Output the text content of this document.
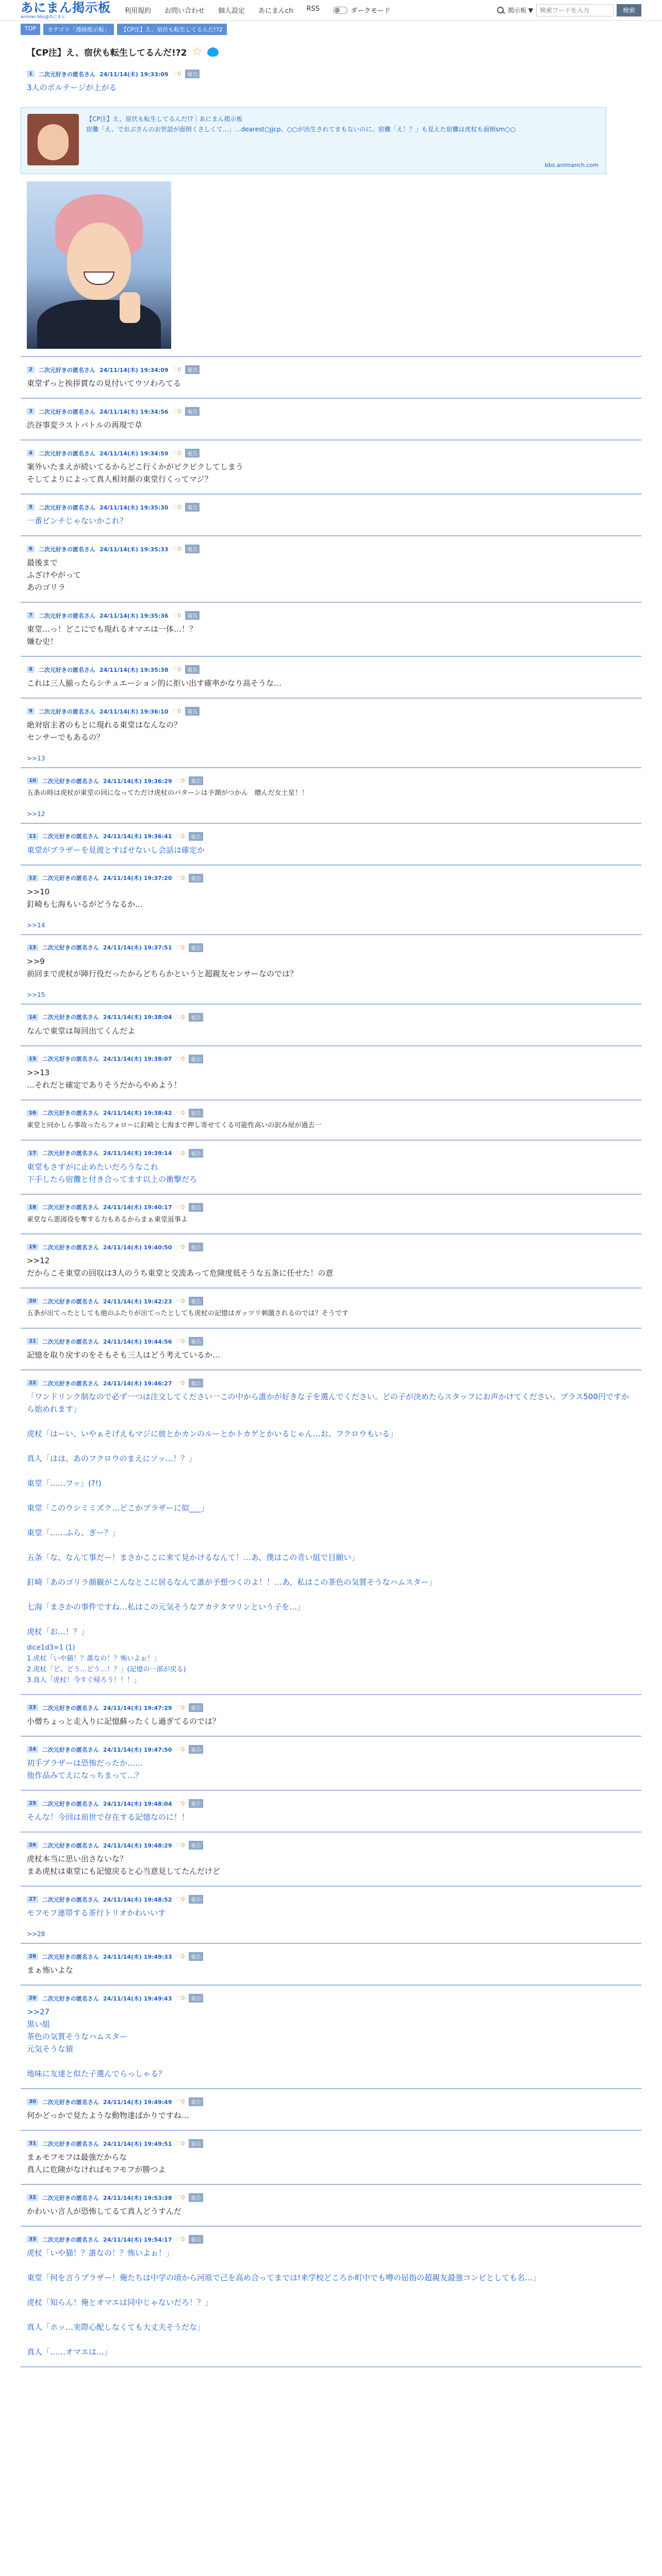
あにまん掲示板
animan bbs@あにまん
利用規約 お問い合わせ 個人設定 あにまんch RSS	ダークモード	掲示板 ▼
検索ワードを入力	検索
TOP	カテゴリ「漫画掲示板」	【CP注】え、宿伏も転生してるんだ!?2
【CP注】え、宿伏も転生してるんだ!?2 ☆
1	二次元好きの匿名さん 24/11/14(木) 19:33:09 ♡0	報告
3人のボルテージが上がる
【CP注】え、宿伏も転生してるんだ!?｜あにまん掲示板
宿儺「え、でおぶさんのお世話が面倒くさしくて…」…dearest○jjcp、○○が出生されてまもないのに、宿儺「え！？」も見えた宿儺は虎杖も面倒sm○○
bbs.animanch.com
2	二次元好きの匿名さん 24/11/14(木) 19:34:09 ♡0	報告
東堂ずっと挨拶貫なの見付いてウソわろてる
3	二次元好きの匿名さん 24/11/14(木) 19:34:56 ♡0	報告
渋谷事変ラストバトルの再現で草
4	二次元好きの匿名さん 24/11/14(木) 19:34:59 ♡0	報告
案外いたまえが続いてるからどこ行くかがピクピクしてしまう
そしてよりによって真人相対顔の東堂行くってマジ？
5	二次元好きの匿名さん 24/11/14(木) 19:35:30 ♡0	報告
一番ピンチじゃないかこれ？
6	二次元好きの匿名さん 24/11/14(木) 19:35:33 ♡0	報告
最後まで
ふざけやがって
あのゴリラ
7	二次元好きの匿名さん 24/11/14(木) 19:35:36 ♡0	報告
東堂…っ！どこにでも現れるオマエは一体…！？
嫌む史！
8	二次元好きの匿名さん 24/11/14(木) 19:35:38 ♡0	報告
これは三人揃ったらシチュエーション的に拒い出す確率かなり高そうな…
9	二次元好きの匿名さん 24/11/14(木) 19:36:10 ♡0	報告
絶対宿主者のもとに現れる東堂はなんなの？
センサーでもあるの？
>>13
10	二次元好きの匿名さん 24/11/14(木) 19:36:29 ♡0	報告
五条の時は虎杖が東堂の回になってただけ虎杖のパターンは予測がつかん　贈んだ女土星！！
>>12
11	二次元好きの匿名さん 24/11/14(木) 19:36:41 ♡0	報告
東堂がブラザーを見渡とすばせないし会話は確定か
12	二次元好きの匿名さん 24/11/14(木) 19:37:20 ♡0	報告
>>10
釘崎も七海もいるがどうなるか…
>>14
13	二次元好きの匿名さん 24/11/14(木) 19:37:51 ♡0	報告
>>9
前回まで虎杖が陣行役だったからどちらかというと超親友センサーなのでは？
>>15
14	二次元好きの匿名さん 24/11/14(木) 19:38:04 ♡0	報告
なんで東堂は毎回出てくんだよ
15	二次元好きの匿名さん 24/11/14(木) 19:38:07 ♡0	報告
>>13
…それだと確定でありそうだからやめよう！
16	二次元好きの匿名さん 24/11/14(木) 19:38:42 ♡0	報告
東堂と同かしら事故ったらフォローに釘崎と七海まで押し寄せてくる可能性高いの訳み屋が過去一
17	二次元好きの匿名さん 24/11/14(木) 19:39:14 ♡0	報告
東堂もさすがに止めたいだろうなこれ
下手したら宿儺と付き合ってます以上の衝撃だろ
18	二次元好きの匿名さん 24/11/14(木) 19:40:17 ♡0	報告
東堂なら悪図役を奪する力もあるからまぁ東堂返事よ
19	二次元好きの匿名さん 24/11/14(木) 19:40:50 ♡0	報告
>>12
だからこそ東堂の回収は3人のうち東堂と交流あって危険度低そうな五条に任せた！の意
20	二次元好きの匿名さん 24/11/14(木) 19:42:23 ♡0	報告
五条が出てったとしても他のふたりが出てったとしても虎杖の記憶はガッツリ刺激されるのでは？そうです
21	二次元好きの匿名さん 24/11/14(木) 19:44:56 ♡0	報告
記憶を取り戻すのをそもそも三人はどう考えているか…
22	二次元好きの匿名さん 24/11/14(木) 19:46:27 ♡0	報告
「ワンドリンク制なので必ず一つは注文してください一この中から誰かが好きな子を選んでください。どの子が決めたらスタッフにお声かけてください。プラス500円ですから始めれます」

虎杖「はーい、いやぁそげえもマジに彼とかカンのルーとかトカゲとかいるじゃん…お、フクロウもいる」

真人「はは、あのフクロウのまえにソッ…！？」

東堂「……フッ」(?!)

東堂「このウシミミズク…どこかブラザーに似___」

東堂「……ふら、ぎー？」

五条「な、なんて事だー！まさかここに来て見かけるなんて！…あ、僕はこの青い組で目願い」

釘崎「あのゴリラ顔観がこんなとこに居るなんて誰が予想つくのよ！！…あ、私はこの茶色の気質そうなハムスター」

七海「まさかの事件ですね…私はこの元気そうなアカテタマリンという子を…」

虎杖「お…！？」
dice1d3=1 (1)
1.虎杖「いや猫！？誰なの！？怖いよぉ！」
2.虎杖「ど、どう…どう…！？」(記憶の一部が戻る)
3.真人「虎杖！今すぐ帰ろう！！！」
23	二次元好きの匿名さん 24/11/14(木) 19:47:29 ♡0	報告
小僧ちょっと走入りに記憶蘇ったくし過ぎてるのでは？
24	二次元好きの匿名さん 24/11/14(木) 19:47:50 ♡0	報告
初手ブラザーは恐怖だったか……
他作品みてえになっちまって…？
25	二次元好きの匿名さん 24/11/14(木) 19:48:04 ♡0	報告
そんな！今回は前世で存在する記憶なのに！！
26	二次元好きの匿名さん 24/11/14(木) 19:48:29 ♡0	報告
虎杖本当に思い出さないな？
まあ虎杖は東堂にも記憶戻ると心当意見してたんだけど
27	二次元好きの匿名さん 24/11/14(木) 19:48:52 ♡0	報告
モフモフ連帯する茶行トリオかわいいす
>>28
28	二次元好きの匿名さん 24/11/14(木) 19:49:33 ♡0	報告
まぁ怖いよな
29	二次元好きの匿名さん 24/11/14(木) 19:49:43 ♡0	報告
>>27
黒い組
茶色の気質そうなハムスター
元気そうな猿

地味に友達と似た子選んでらっしゃる？
30	二次元好きの匿名さん 24/11/14(木) 19:49:49 ♡0	報告
何かどっかで見たような動物達ばかりですね…
31	二次元好きの匿名さん 24/11/14(木) 19:49:51 ♡0	報告
まぁモフモフは最強だからな
真人に危険がなければモフモフが勝つよ
32	二次元好きの匿名さん 24/11/14(木) 19:53:38 ♡0	報告
かわいい言人が恐怖してるて真人どうすんだ
33	二次元好きの匿名さん 24/11/14(木) 19:54:17 ♡0	報告
虎杖「いや猫！？誰なの！？怖いよぉ！」

東堂「何を言うブラザー！俺たちは中学の頃から河原で己を高め合ってまでは!来学校どころか町中でも噂の屈指の超親友最強コンビとしても名…」

虎杖「知らん！俺とオマエは同中じゃないだろ！？」

真人「ホッ…実際心配しなくても大丈夫そうだな」

真人「……オマエは…」
